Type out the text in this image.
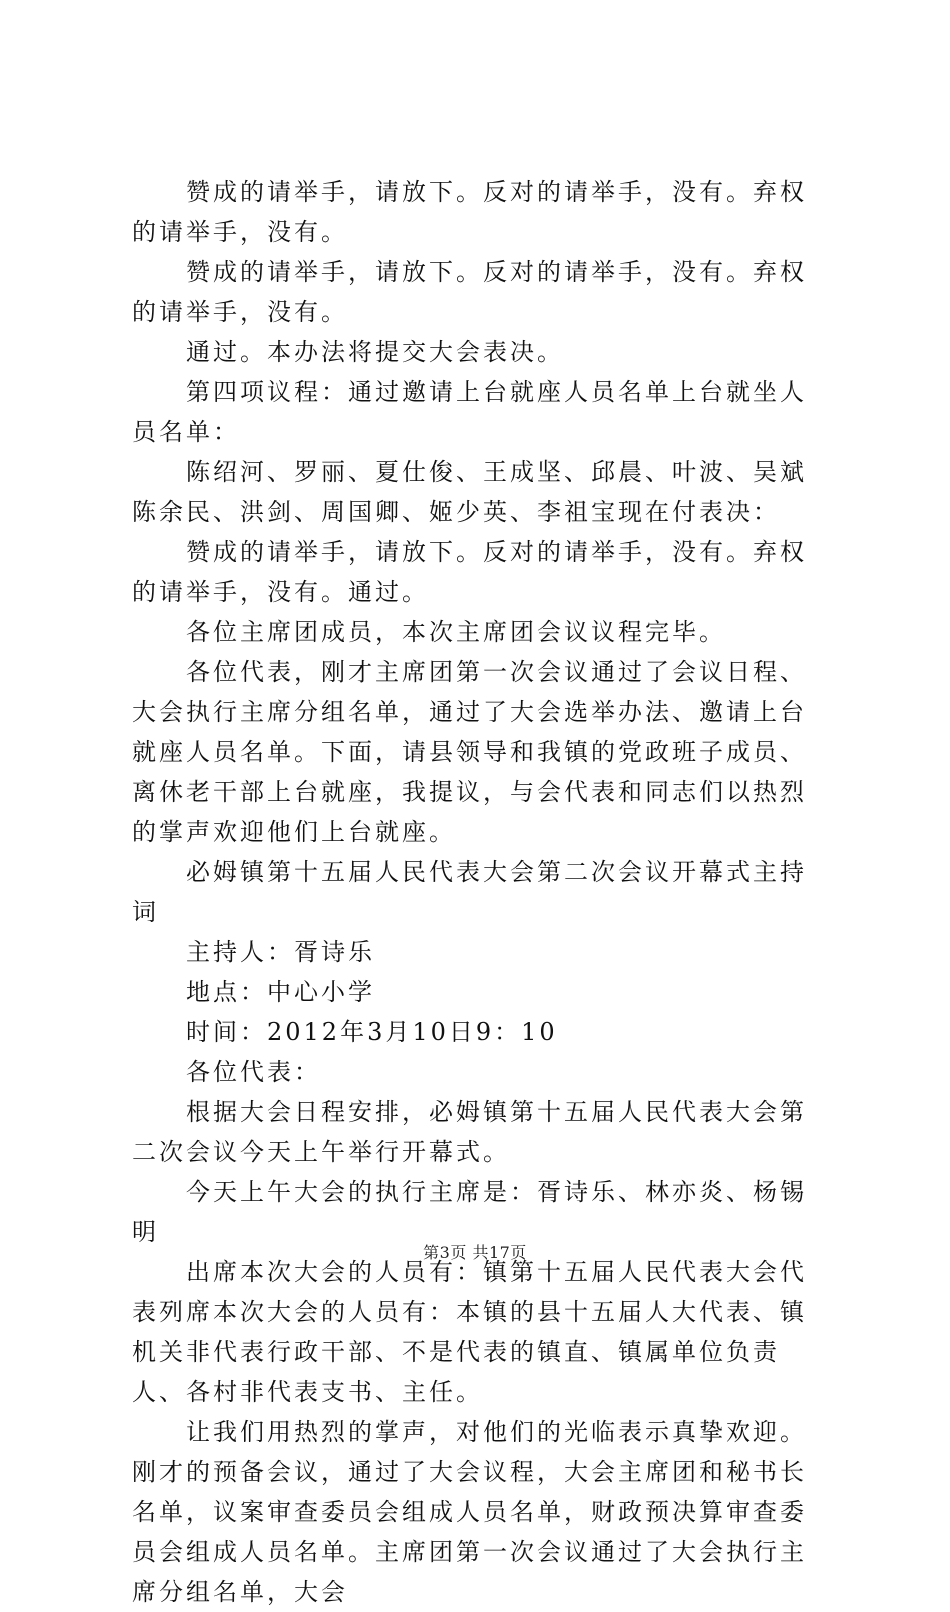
赞成的请举手，请放下。反对的请举手，没有。弃权的请举手，没有。

赞成的请举手，请放下。反对的请举手，没有。弃权的请举手，没有。

通过。本办法将提交大会表决。

第四项议程：通过邀请上台就座人员名单上台就坐人员名单：

陈绍河、罗丽、夏仕俊、王成坚、邱晨、叶波、吴斌陈余民、洪剑、周国卿、姬少英、李祖宝现在付表决：

赞成的请举手，请放下。反对的请举手，没有。弃权的请举手，没有。通过。

各位主席团成员，本次主席团会议议程完毕。

各位代表，刚才主席团第一次会议通过了会议日程、大会执行主席分组名单，通过了大会选举办法、邀请上台就座人员名单。下面，请县领导和我镇的党政班子成员、离休老干部上台就座，我提议，与会代表和同志们以热烈的掌声欢迎他们上台就座。

必姆镇第十五届人民代表大会第二次会议开幕式主持词

主持人：胥诗乐

地点：中心小学

时间：2012年3月10日9：10

各位代表：

根据大会日程安排，必姆镇第十五届人民代表大会第二次会议今天上午举行开幕式。

今天上午大会的执行主席是：胥诗乐、林亦炎、杨锡明

出席本次大会的人员有：镇第十五届人民代表大会代表列席本次大会的人员有：本镇的县十五届人大代表、镇机关非代表行政干部、不是代表的镇直、镇属单位负责人、各村非代表支书、主任。

让我们用热烈的掌声，对他们的光临表示真挚欢迎。刚才的预备会议，通过了大会议程，大会主席团和秘书长名单，议案审查委员会组成人员名单，财政预决算审查委员会组成人员名单。主席团第一次会议通过了大会执行主席分组名单，大会

第3页 共17页
